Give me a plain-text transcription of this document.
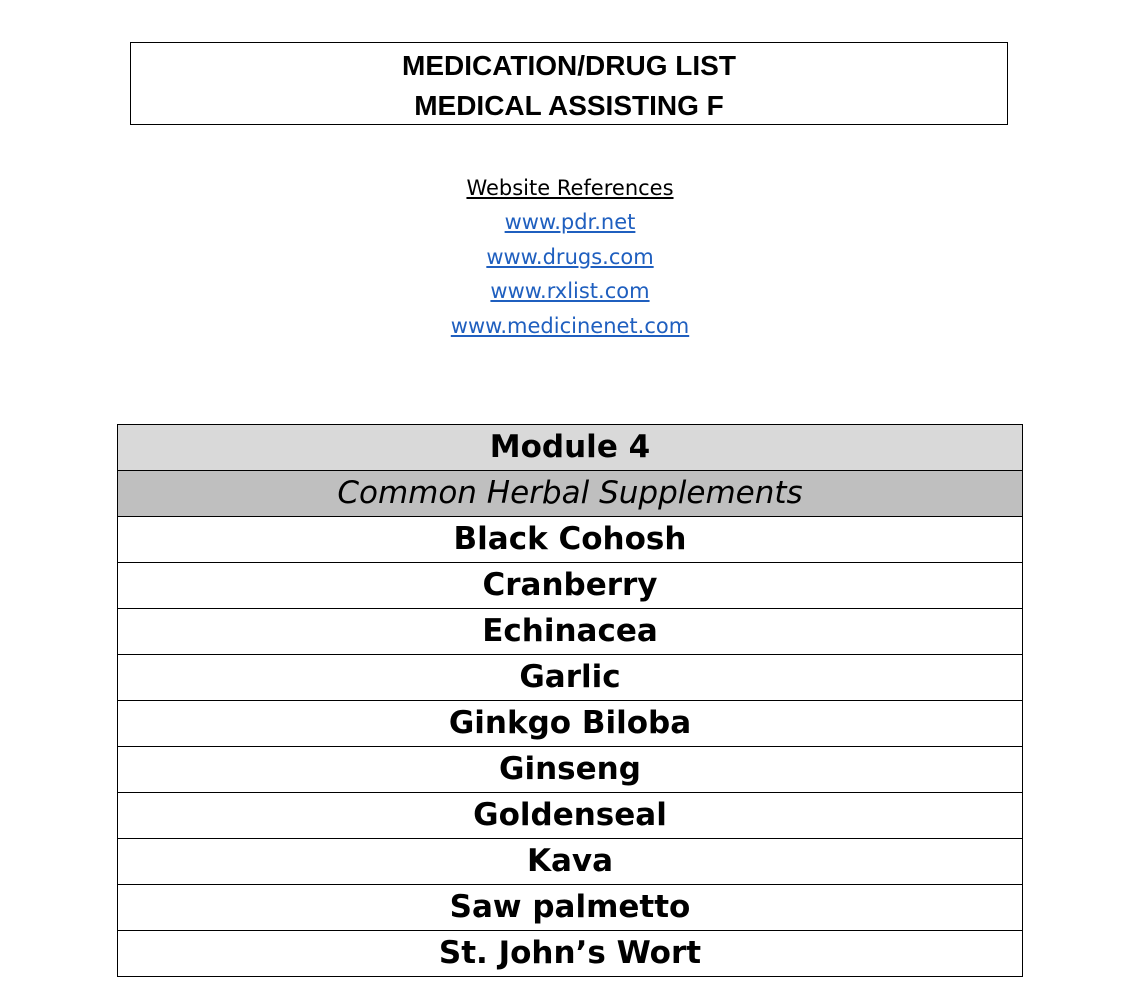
MEDICATION/DRUG LIST
MEDICAL ASSISTING F
Website References
www.pdr.net
www.drugs.com
www.rxlist.com
www.medicinenet.com
Module 4
Common Herbal Supplements
Black Cohosh
Cranberry
Echinacea
Garlic
Ginkgo Biloba
Ginseng
Goldenseal
Kava
Saw palmetto
St. John’s Wort
